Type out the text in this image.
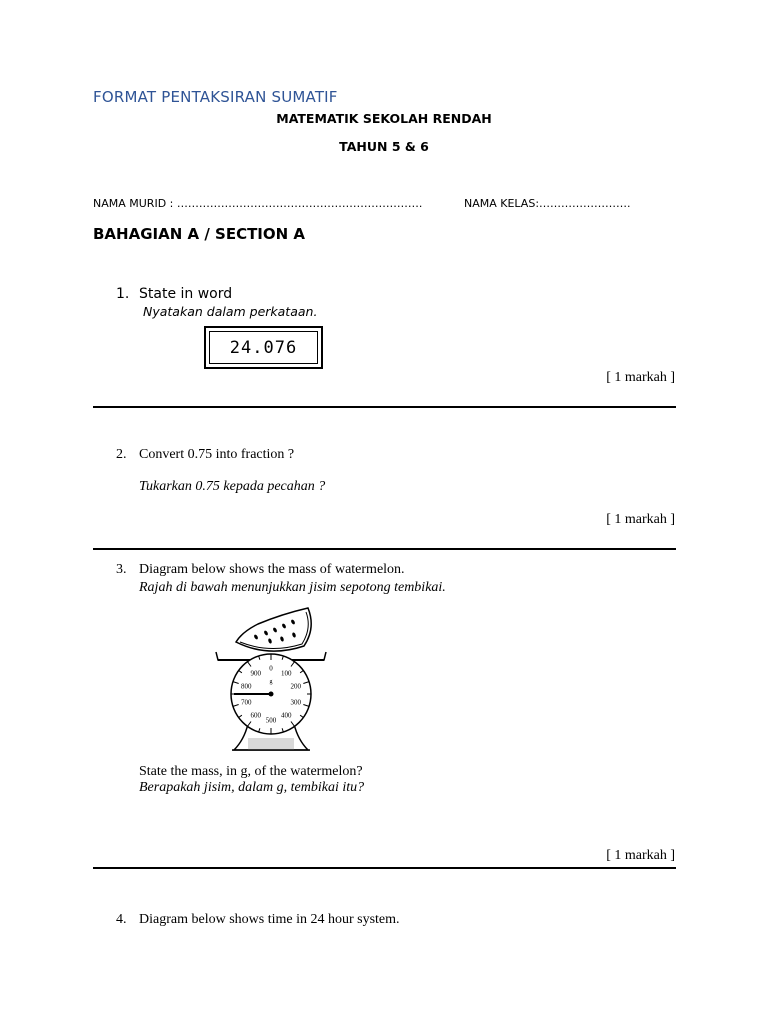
FORMAT PENTAKSIRAN SUMATIF
MATEMATIK SEKOLAH RENDAH
TAHUN 5 & 6
NAMA MURID : ………………………………………………………….	NAMA KELAS:…………………….
BAHAGIAN A / SECTION A
1. State in word
Nyatakan dalam perkataan.
24.076
[ 1 markah ]
2. Convert 0.75 into fraction ?
Tukarkan 0.75 kepada pecahan ?
[ 1 markah ]
3. Diagram below shows the mass of watermelon.
Rajah di bawah menunjukkan jisim sepotong tembikai.
0
100
200
300
400
500
600
700
800
900
g
State the mass, in g, of the watermelon?
Berapakah jisim, dalam g, tembikai itu?
[ 1 markah ]
4. Diagram below shows time in 24 hour system.
